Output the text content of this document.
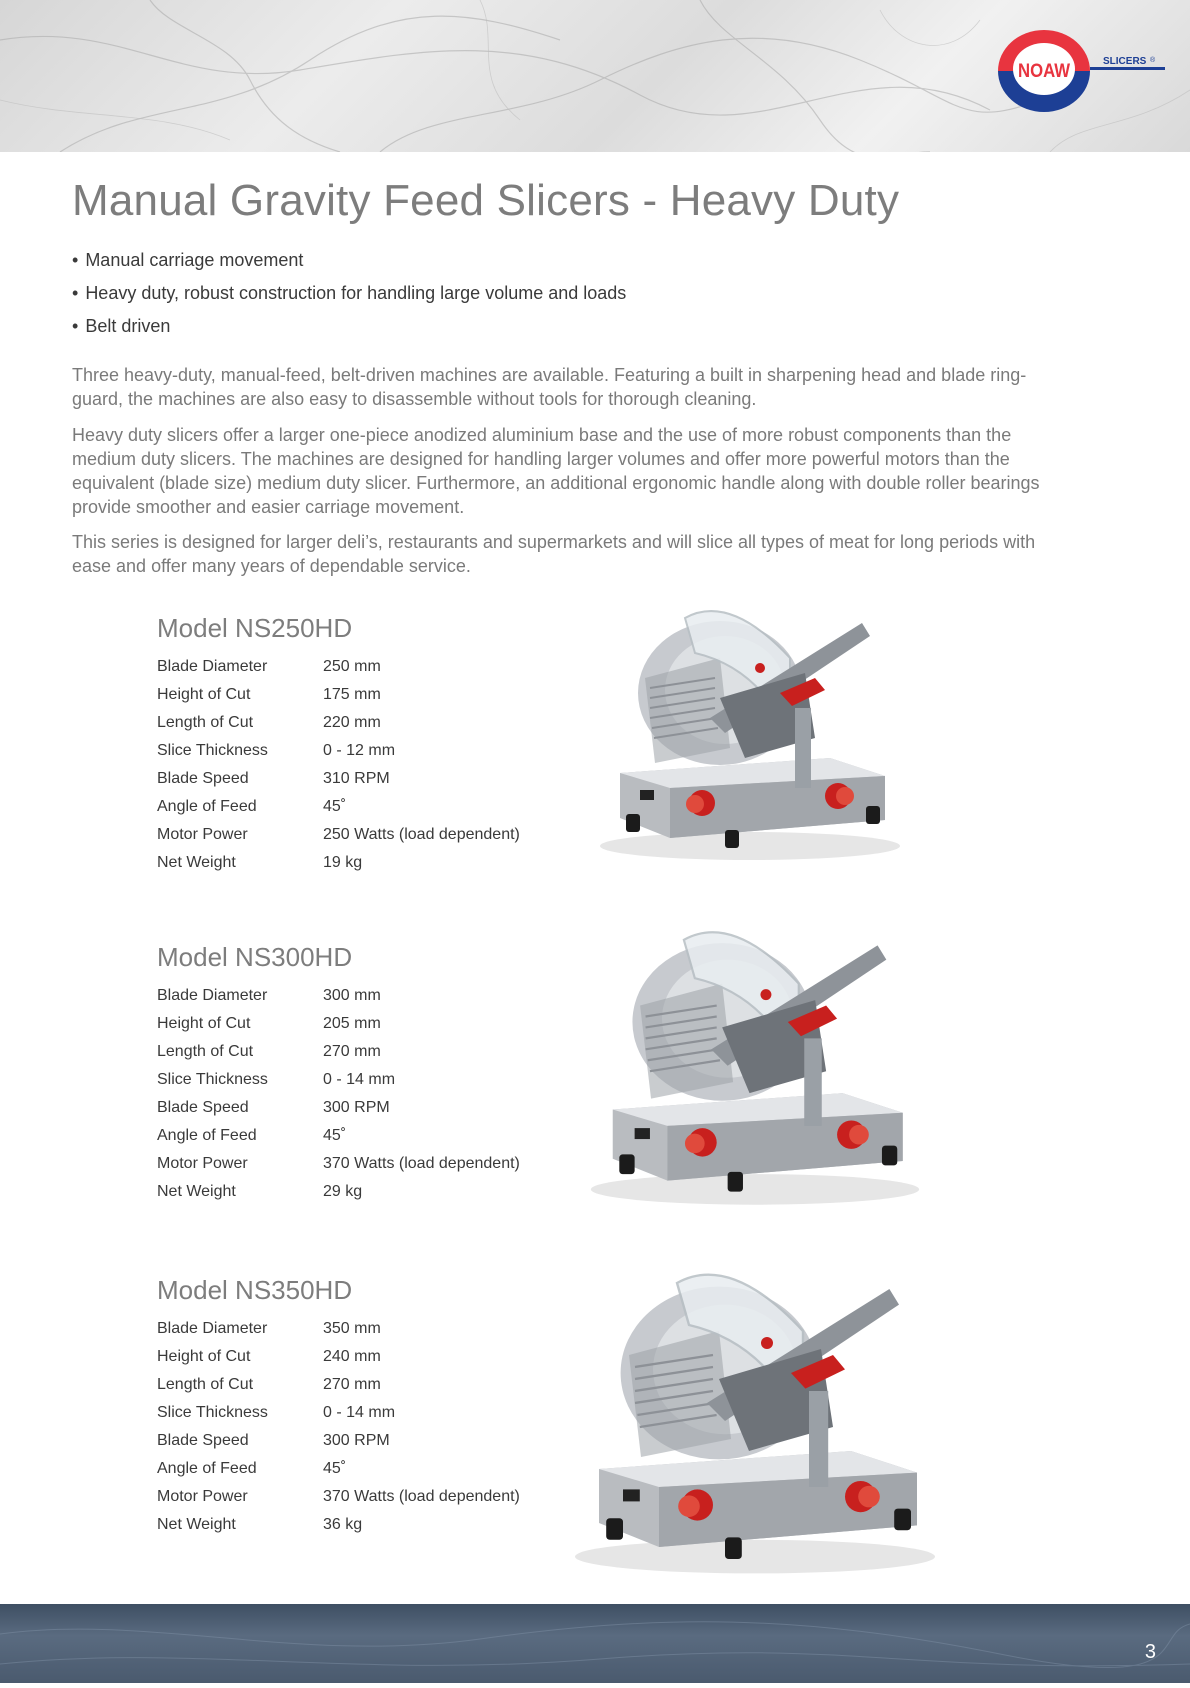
NOAW	SLICERS ®
Manual Gravity Feed Slicers - Heavy Duty
• Manual carriage movement
• Heavy duty, robust construction for handling large volume and loads
• Belt driven

Three heavy-duty, manual-feed, belt-driven machines are available. Featuring a built in sharpening head and blade ring-guard, the machines are also easy to disassemble without tools for thorough cleaning.

Heavy duty slicers offer a larger one-piece anodized aluminium base and the use of more robust components than the medium duty slicers. The machines are designed for handling larger volumes and offer more powerful motors than the equivalent (blade size) medium duty slicer. Furthermore, an additional ergonomic handle along with double roller bearings provide smoother and easier carriage movement.

This series is designed for larger deli’s, restaurants and supermarkets and will slice all types of meat for long periods with ease and offer many years of dependable service.

Model NS250HD
Blade Diameter	250 mm
Height of Cut	175 mm
Length of Cut	220 mm
Slice Thickness	0 - 12 mm
Blade Speed	310 RPM
Angle of Feed	45˚
Motor Power	250 Watts (load dependent)
Net Weight	19 kg
Model NS300HD
Blade Diameter	300 mm
Height of Cut	205 mm
Length of Cut	270 mm
Slice Thickness	0 - 14 mm
Blade Speed	300 RPM
Angle of Feed	45˚
Motor Power	370 Watts (load dependent)
Net Weight	29 kg
Model NS350HD
Blade Diameter	350 mm
Height of Cut	240 mm
Length of Cut	270 mm
Slice Thickness	0 - 14 mm
Blade Speed	300 RPM
Angle of Feed	45˚
Motor Power	370 Watts (load dependent)
Net Weight	36 kg
3
